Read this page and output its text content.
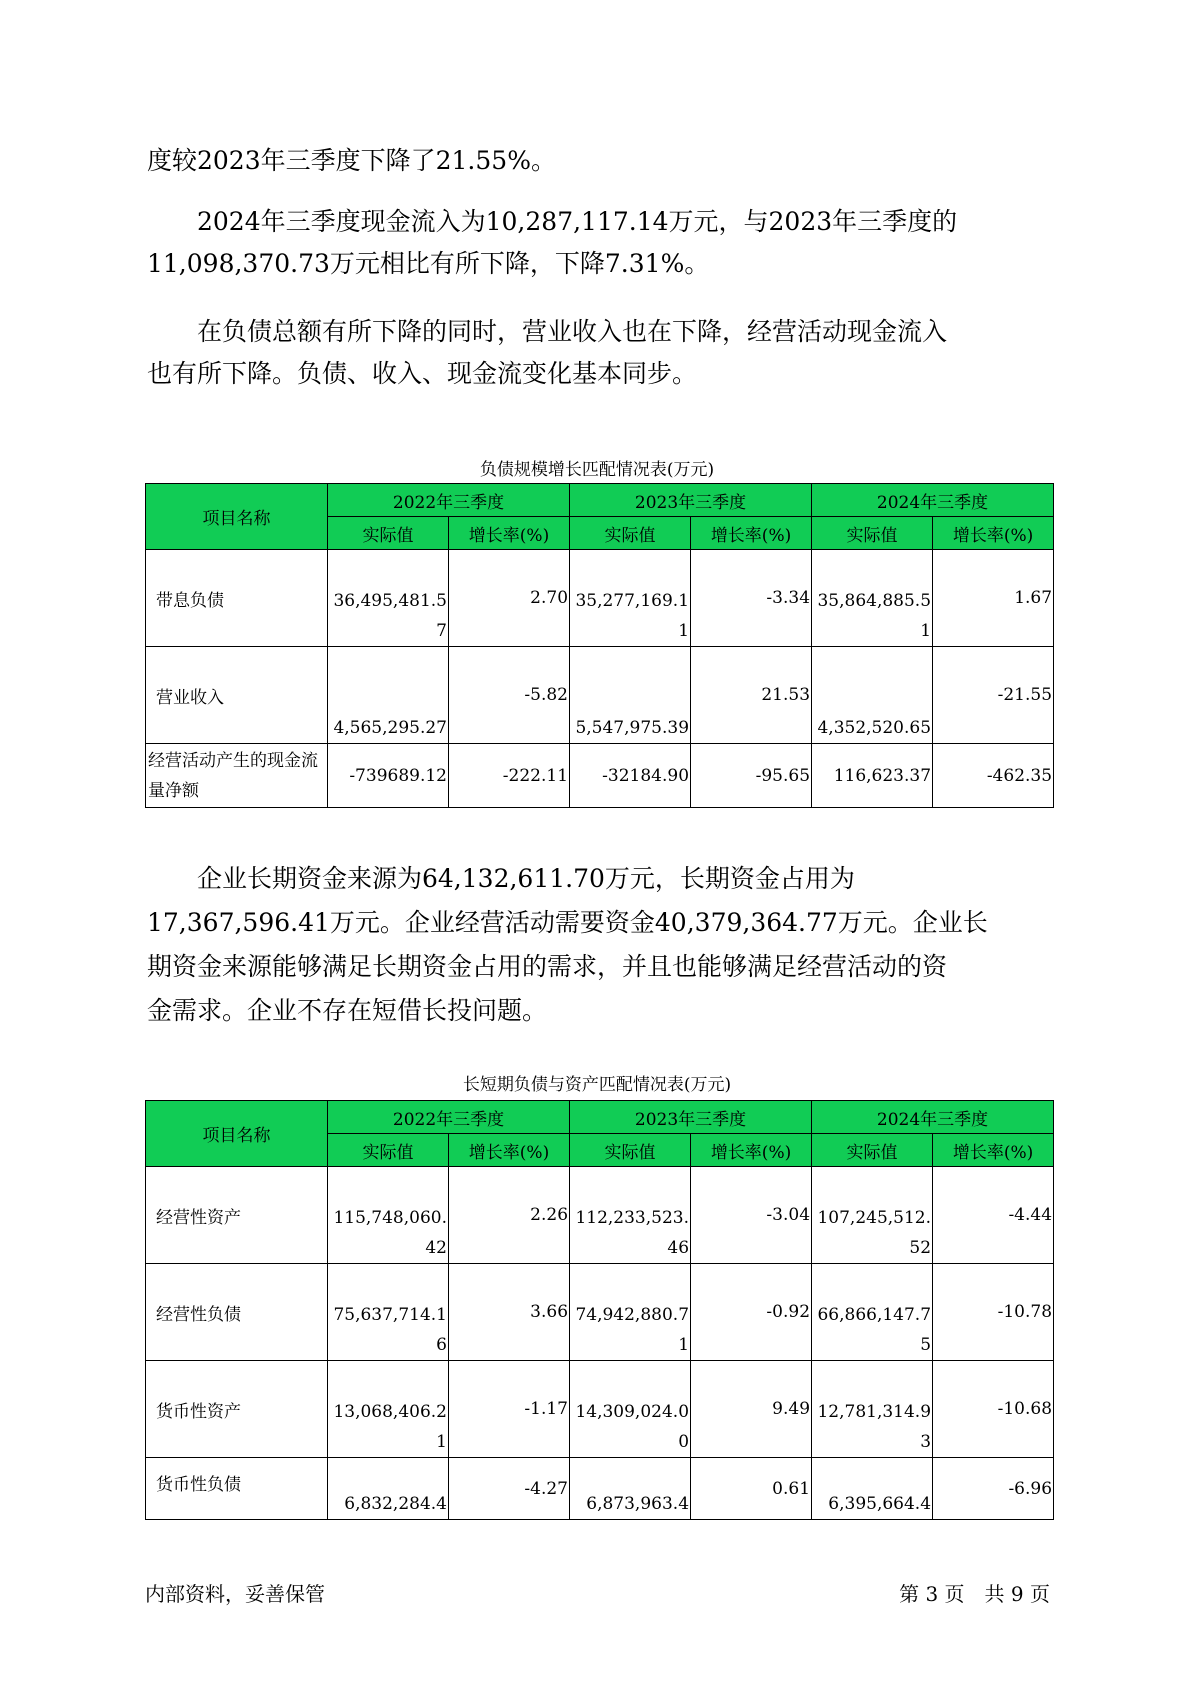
度较2023年三季度下降了21.55%。

2024年三季度现金流入为10,287,117.14万元，与2023年三季度的

11,098,370.73万元相比有所下降，下降7.31%。

在负债总额有所下降的同时，营业收入也在下降，经营活动现金流入

也有所下降。负债、收入、现金流变化基本同步。

负债规模增长匹配情况表(万元)

项目名称	2022年三季度		2023年三季度		2024年三季度	
	实际值	增长率(%)	实际值	增长率(%)	实际值	增长率(%)
带息负债	36,495,481.57	2.70	35,277,169.11	-3.34	35,864,885.51	1.67
营业收入	4,565,295.27	-5.82	5,547,975.39	21.53	4,352,520.65	-21.55
经营活动产生的现金流量净额	-739689.12	-222.11	-32184.90	-95.65	116,623.37	-462.35

企业长期资金来源为64,132,611.70万元，长期资金占用为

17,367,596.41万元。企业经营活动需要资金40,379,364.77万元。企业长

期资金来源能够满足长期资金占用的需求，并且也能够满足经营活动的资

金需求。企业不存在短借长投问题。

长短期负债与资产匹配情况表(万元)

项目名称	2022年三季度		2023年三季度		2024年三季度	
	实际值	增长率(%)	实际值	增长率(%)	实际值	增长率(%)
经营性资产	115,748,060.42	2.26	112,233,523.46	-3.04	107,245,512.52	-4.44
经营性负债	75,637,714.16	3.66	74,942,880.71	-0.92	66,866,147.75	-10.78
货币性资产	13,068,406.21	-1.17	14,309,024.00	9.49	12,781,314.93	-10.68
货币性负债	6,832,284.4	-4.27	6,873,963.4	0.61	6,395,664.4	-6.96
内部资料，妥善保管	第 3 页　共 9 页
